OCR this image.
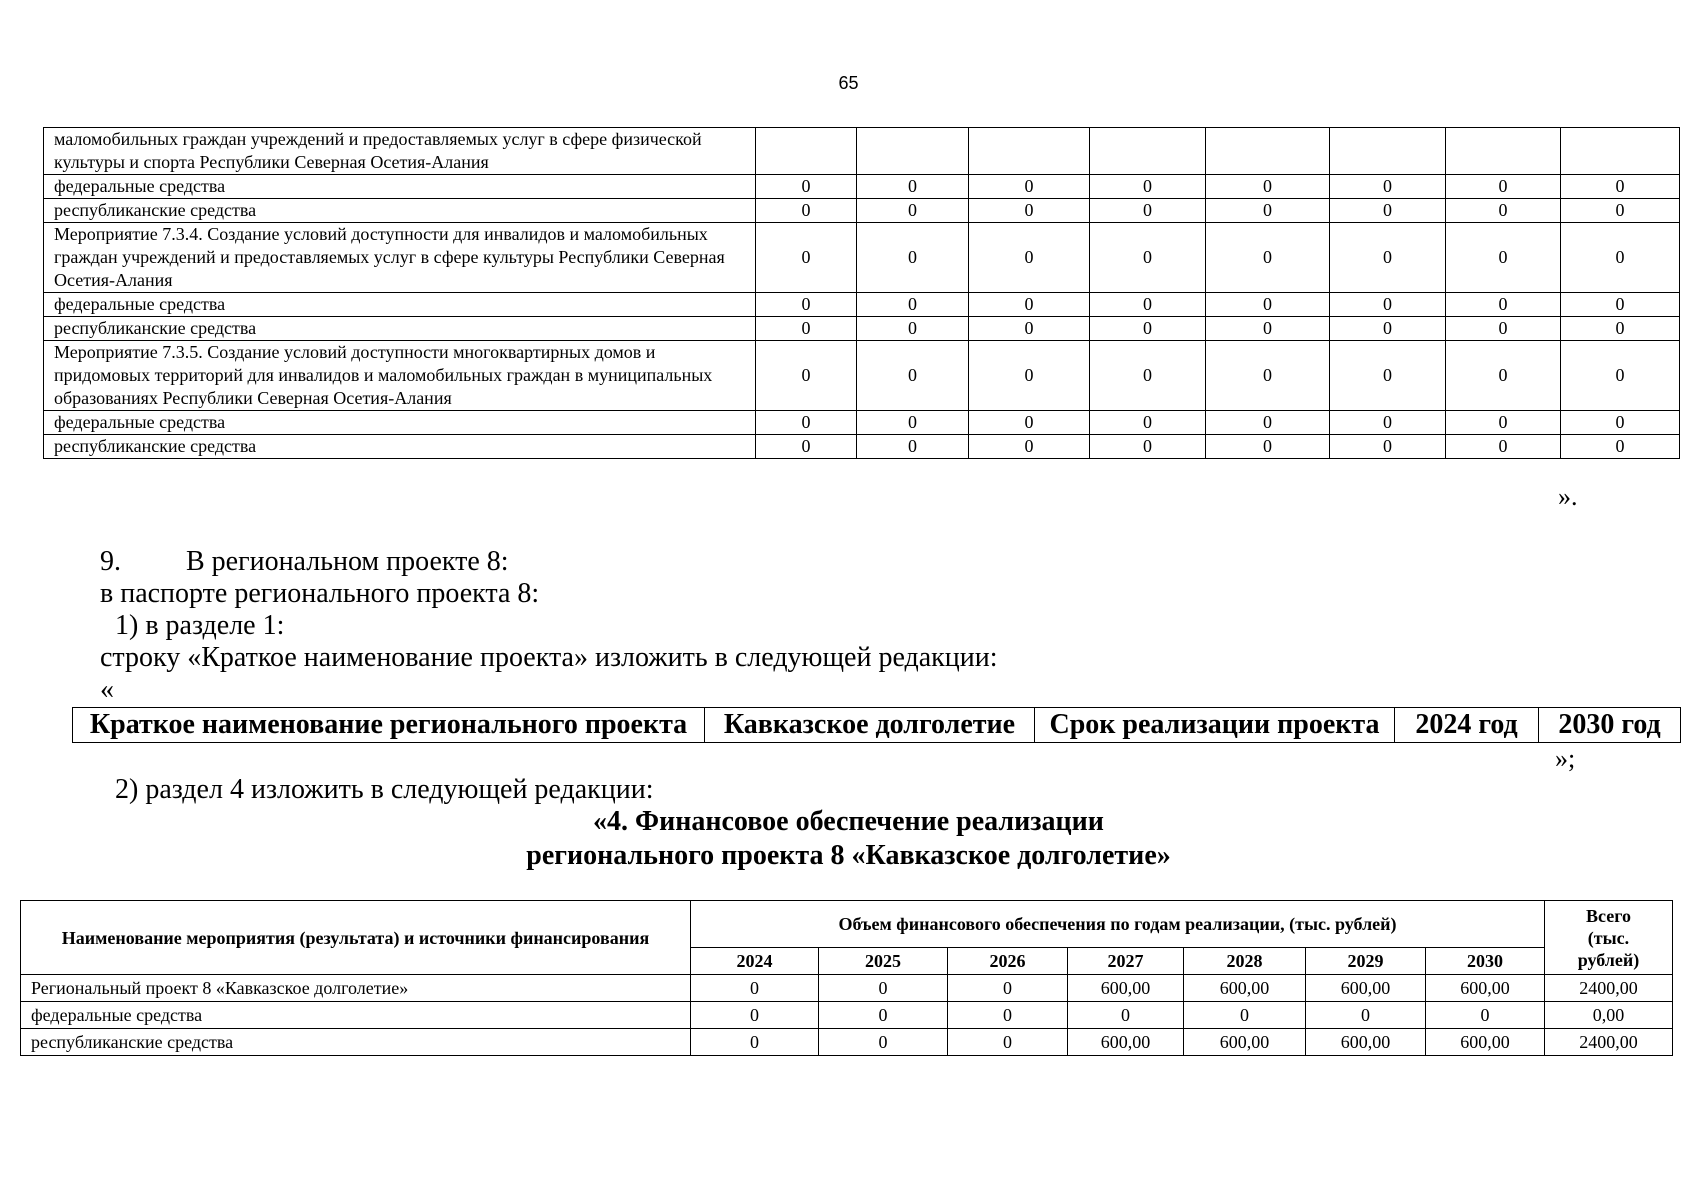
65
маломобильных граждан учреждений и предоставляемых услуг в сфере физической культуры и спорта Республики Северная Осетия-Алания								
федеральные средства	0	0	0	0	0	0	0	0
республиканские средства	0	0	0	0	0	0	0	0
Мероприятие 7.3.4. Создание условий доступности для инвалидов и маломобильных граждан учреждений и предоставляемых услуг в сфере культуры Республики Северная Осетия-Алания	0	0	0	0	0	0	0	0
федеральные средства	0	0	0	0	0	0	0	0
республиканские средства	0	0	0	0	0	0	0	0
Мероприятие 7.3.5. Создание условий доступности многоквартирных домов и придомовых территорий для инвалидов и маломобильных граждан в муниципальных образованиях Республики Северная Осетия-Алания	0	0	0	0	0	0	0	0
федеральные средства	0	0	0	0	0	0	0	0
республиканские средства	0	0	0	0	0	0	0	0
».
9. В региональном проекте 8:
в паспорте регионального проекта 8:
1) в разделе 1:
строку «Краткое наименование проекта» изложить в следующей редакции:
«
Краткое наименование регионального проекта	Кавказское долголетие	Срок реализации проекта	2024 год	2030 год
»;
2) раздел 4 изложить в следующей редакции:
«4. Финансовое обеспечение реализации
регионального проекта 8 «Кавказское долголетие»
Наименование мероприятия (результата) и источники финансирования	Объем финансового обеспечения по годам реализации, (тыс. рублей)							Всего (тыс. рублей)
	2024	2025	2026	2027	2028	2029	2030	
Региональный проект 8 «Кавказское долголетие»	0	0	0	600,00	600,00	600,00	600,00	2400,00
федеральные средства	0	0	0	0	0	0	0	0,00
республиканские средства	0	0	0	600,00	600,00	600,00	600,00	2400,00
